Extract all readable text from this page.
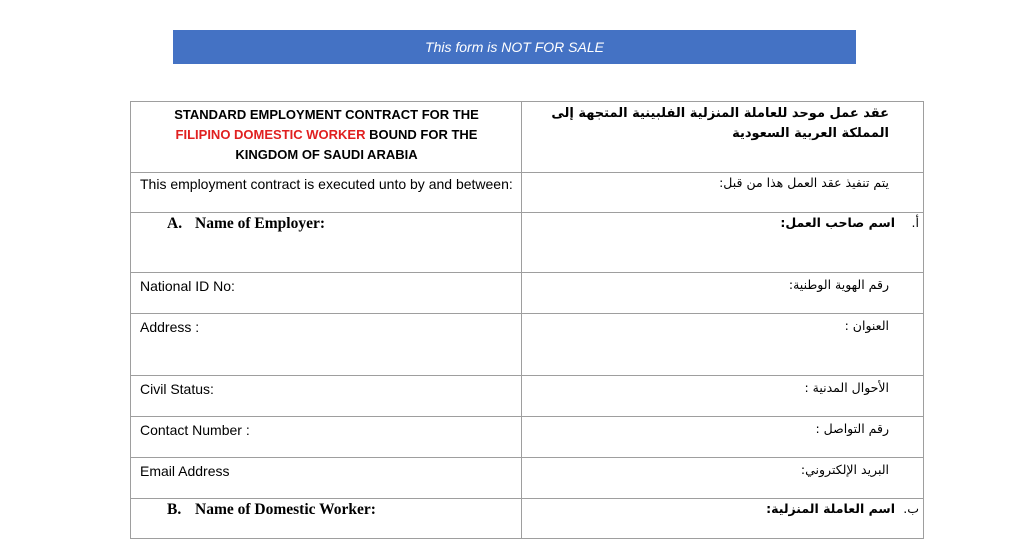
This form is NOT FOR SALE
STANDARD EMPLOYMENT CONTRACT FOR THE
FILIPINO DOMESTIC WORKER BOUND FOR THE
KINGDOM OF SAUDI ARABIA	عقد عمل موحد للعاملة المنزلية الفلبينية المتجهة إلى المملكة العربية السعودية

This employment contract is executed unto by and between:	يتم تنفيذ عقد العمل هذا من قبل:

A. Name of Employer:	أ.اسم صاحب العمل:

National ID No:	رقم الهوية الوطنية:

Address :	العنوان :

Civil Status:	الأحوال المدنية :

Contact Number :	رقم التواصل :

Email Address	البريد الإلكتروني:

B. Name of Domestic Worker:	ب.اسم العاملة المنزلية:
